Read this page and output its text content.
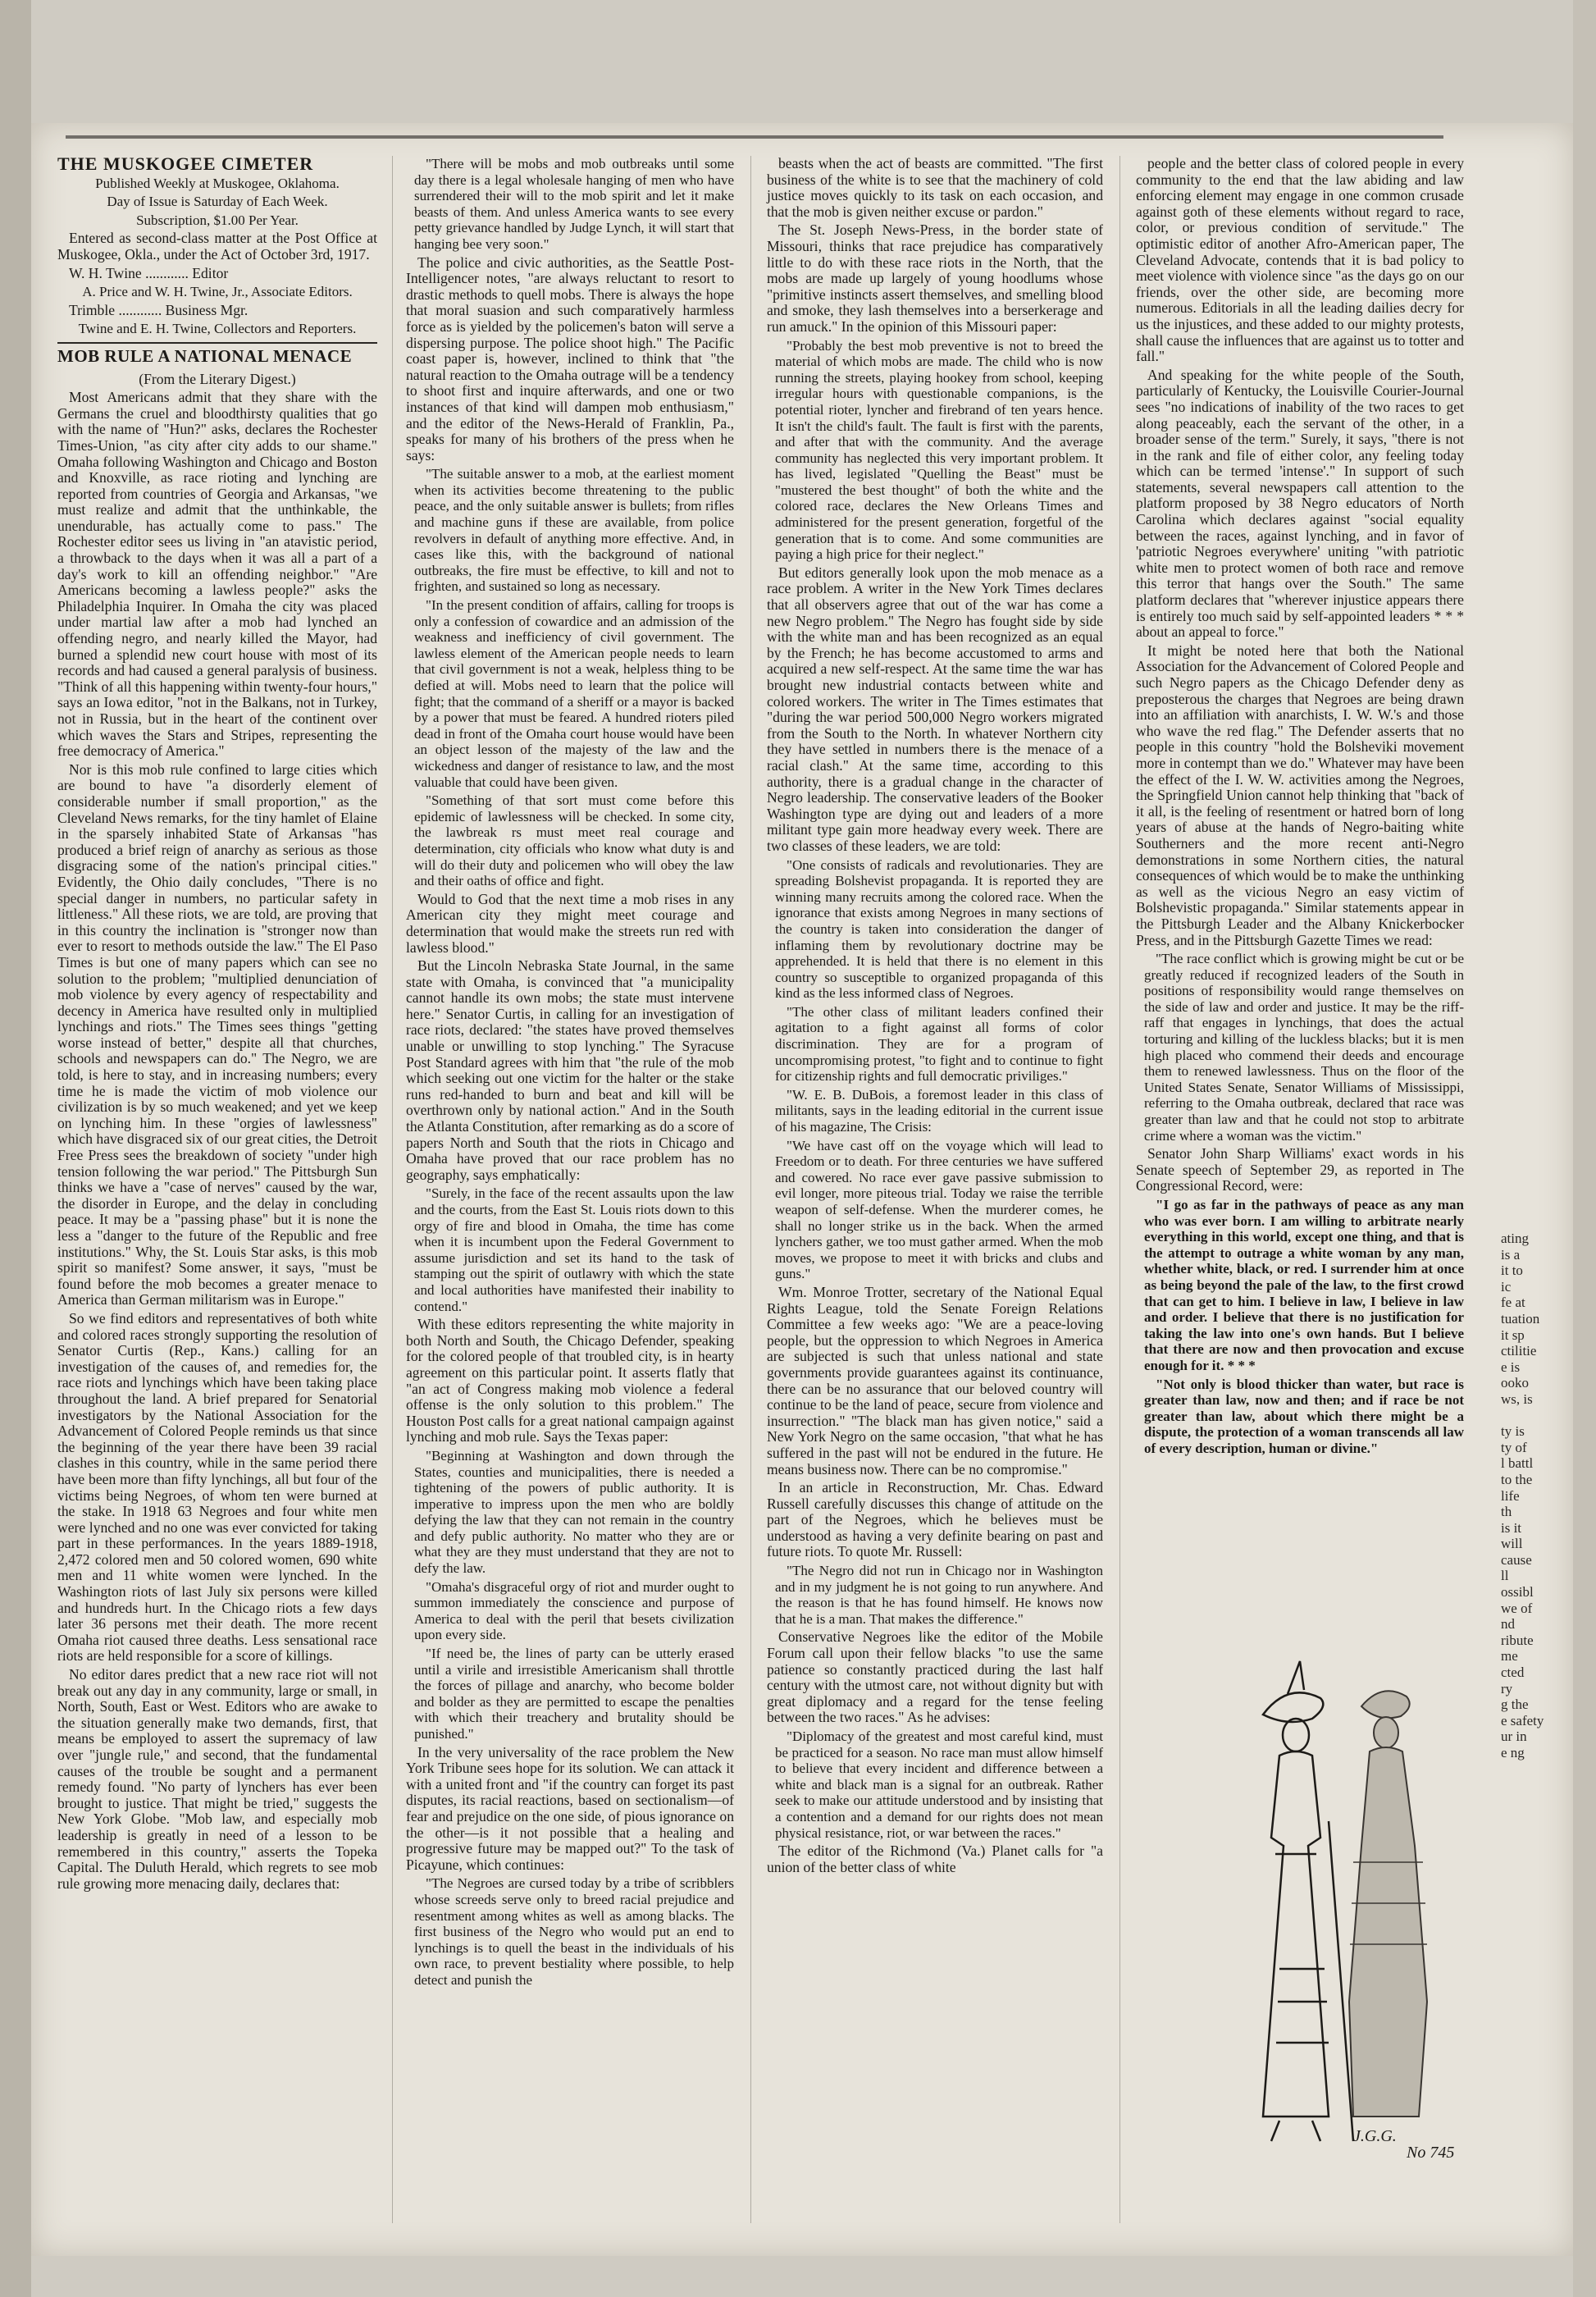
THE MUSKOGEE CIMETER

Published Weekly at Muskogee, Oklahoma.

Day of Issue is Saturday of Each Week.

Subscription, $1.00 Per Year.

Entered as second-class matter at the Post Office at Muskogee, Okla., under the Act of October 3rd, 1917.

W. H. Twine ............ Editor

A. Price and W. H. Twine, Jr., Associate Editors.

Trimble ............ Business Mgr.

Twine and E. H. Twine, Collectors and Reporters.

MOB RULE A NATIONAL MENACE

(From the Literary Digest.)

Most Americans admit that they share with the Germans the cruel and bloodthirsty qualities that go with the name of "Hun?" asks, declares the Rochester Times-Union, "as city after city adds to our shame." Omaha following Washington and Chicago and Boston and Knoxville, as race rioting and lynching are reported from countries of Georgia and Arkansas, "we must realize and admit that the unthinkable, the unendurable, has actually come to pass." The Rochester editor sees us living in "an atavistic period, a throwback to the days when it was all a part of a day's work to kill an offending neighbor." "Are Americans becoming a lawless people?" asks the Philadelphia Inquirer. In Omaha the city was placed under martial law after a mob had lynched an offending negro, and nearly killed the Mayor, had burned a splendid new court house with most of its records and had caused a general paralysis of business. "Think of all this happening within twenty-four hours," says an Iowa editor, "not in the Balkans, not in Turkey, not in Russia, but in the heart of the continent over which waves the Stars and Stripes, representing the free democracy of America."

Nor is this mob rule confined to large cities which are bound to have "a disorderly element of considerable number if small proportion," as the Cleveland News remarks, for the tiny hamlet of Elaine in the sparsely inhabited State of Arkansas "has produced a brief reign of anarchy as serious as those disgracing some of the nation's principal cities." Evidently, the Ohio daily concludes, "There is no special danger in numbers, no particular safety in littleness." All these riots, we are told, are proving that in this country the inclination is "stronger now than ever to resort to methods outside the law." The El Paso Times is but one of many papers which can see no solution to the problem; "multiplied denunciation of mob violence by every agency of respectability and decency in America have resulted only in multiplied lynchings and riots." The Times sees things "getting worse instead of better," despite all that churches, schools and newspapers can do." The Negro, we are told, is here to stay, and in increasing numbers; every time he is made the victim of mob violence our civilization is by so much weakened; and yet we keep on lynching him. In these "orgies of lawlessness" which have disgraced six of our great cities, the Detroit Free Press sees the breakdown of society "under high tension following the war period." The Pittsburgh Sun thinks we have a "case of nerves" caused by the war, the disorder in Europe, and the delay in concluding peace. It may be a "passing phase" but it is none the less a "danger to the future of the Republic and free institutions." Why, the St. Louis Star asks, is this mob spirit so manifest? Some answer, it says, "must be found before the mob becomes a greater menace to America than German militarism was in Europe."

So we find editors and representatives of both white and colored races strongly supporting the resolution of Senator Curtis (Rep., Kans.) calling for an investigation of the causes of, and remedies for, the race riots and lynchings which have been taking place throughout the land. A brief prepared for Senatorial investigators by the National Association for the Advancement of Colored People reminds us that since the beginning of the year there have been 39 racial clashes in this country, while in the same period there have been more than fifty lynchings, all but four of the victims being Negroes, of whom ten were burned at the stake. In 1918 63 Negroes and four white men were lynched and no one was ever convicted for taking part in these performances. In the years 1889-1918, 2,472 colored men and 50 colored women, 690 white men and 11 white women were lynched. In the Washington riots of last July six persons were killed and hundreds hurt. In the Chicago riots a few days later 36 persons met their death. The more recent Omaha riot caused three deaths. Less sensational race riots are held responsible for a score of killings.

No editor dares predict that a new race riot will not break out any day in any community, large or small, in North, South, East or West. Editors who are awake to the situation generally make two demands, first, that means be employed to assert the supremacy of law over "jungle rule," and second, that the fundamental causes of the trouble be sought and a permanent remedy found. "No party of lynchers has ever been brought to justice. That might be tried," suggests the New York Globe. "Mob law, and especially mob leadership is greatly in need of a lesson to be remembered in this country," asserts the Topeka Capital. The Duluth Herald, which regrets to see mob rule growing more menacing daily, declares that:

"There will be mobs and mob outbreaks until some day there is a legal wholesale hanging of men who have surrendered their will to the mob spirit and let it make beasts of them. And unless America wants to see every petty grievance handled by Judge Lynch, it will start that hanging bee very soon."

The police and civic authorities, as the Seattle Post-Intelligencer notes, "are always reluctant to resort to drastic methods to quell mobs. There is always the hope that moral suasion and such comparatively harmless force as is yielded by the policemen's baton will serve a dispersing purpose. The police shoot high." The Pacific coast paper is, however, inclined to think that "the natural reaction to the Omaha outrage will be a tendency to shoot first and inquire afterwards, and one or two instances of that kind will dampen mob enthusiasm," and the editor of the News-Herald of Franklin, Pa., speaks for many of his brothers of the press when he says:

"The suitable answer to a mob, at the earliest moment when its activities become threatening to the public peace, and the only suitable answer is bullets; from rifles and machine guns if these are available, from police revolvers in default of anything more effective. And, in cases like this, with the background of national outbreaks, the fire must be effective, to kill and not to frighten, and sustained so long as necessary.

"In the present condition of affairs, calling for troops is only a confession of cowardice and an admission of the weakness and inefficiency of civil government. The lawless element of the American people needs to learn that civil government is not a weak, helpless thing to be defied at will. Mobs need to learn that the police will fight; that the command of a sheriff or a mayor is backed by a power that must be feared. A hundred rioters piled dead in front of the Omaha court house would have been an object lesson of the majesty of the law and the wickedness and danger of resistance to law, and the most valuable that could have been given.

"Something of that sort must come before this epidemic of lawlessness will be checked. In some city, the lawbreak rs must meet real courage and determination, city officials who know what duty is and will do their duty and policemen who will obey the law and their oaths of office and fight.

Would to God that the next time a mob rises in any American city they might meet courage and determination that would make the streets run red with lawless blood."

But the Lincoln Nebraska State Journal, in the same state with Omaha, is convinced that "a municipality cannot handle its own mobs; the state must intervene here." Senator Curtis, in calling for an investigation of race riots, declared: "the states have proved themselves unable or unwilling to stop lynching." The Syracuse Post Standard agrees with him that "the rule of the mob which seeking out one victim for the halter or the stake runs red-handed to burn and beat and kill will be overthrown only by national action." And in the South the Atlanta Constitution, after remarking as do a score of papers North and South that the riots in Chicago and Omaha have proved that our race problem has no geography, says emphatically:

"Surely, in the face of the recent assaults upon the law and the courts, from the East St. Louis riots down to this orgy of fire and blood in Omaha, the time has come when it is incumbent upon the Federal Government to assume jurisdiction and set its hand to the task of stamping out the spirit of outlawry with which the state and local authorities have manifested their inability to contend."

With these editors representing the white majority in both North and South, the Chicago Defender, speaking for the colored people of that troubled city, is in hearty agreement on this particular point. It asserts flatly that "an act of Congress making mob violence a federal offense is the only solution to this problem." The Houston Post calls for a great national campaign against lynching and mob rule. Says the Texas paper:

"Beginning at Washington and down through the States, counties and municipalities, there is needed a tightening of the powers of public authority. It is imperative to impress upon the men who are boldly defying the law that they can not remain in the country and defy public authority. No matter who they are or what they are they must understand that they are not to defy the law.

"Omaha's disgraceful orgy of riot and murder ought to summon immediately the conscience and purpose of America to deal with the peril that besets civilization upon every side.

"If need be, the lines of party can be utterly erased until a virile and irresistible Americanism shall throttle the forces of pillage and anarchy, who become bolder and bolder as they are permitted to escape the penalties with which their treachery and brutality should be punished."

In the very universality of the race problem the New York Tribune sees hope for its solution. We can attack it with a united front and "if the country can forget its past disputes, its racial reactions, based on sectionalism—of fear and prejudice on the one side, of pious ignorance on the other—is it not possible that a healing and progressive future may be mapped out?" To the task of Picayune, which continues:

"The Negroes are cursed today by a tribe of scribblers whose screeds serve only to breed racial prejudice and resentment among whites as well as among blacks. The first business of the Negro who would put an end to lynchings is to quell the beast in the individuals of his own race, to prevent bestiality where possible, to help detect and punish the

beasts when the act of beasts are committed. "The first business of the white is to see that the machinery of cold justice moves quickly to its task on each occasion, and that the mob is given neither excuse or pardon."

The St. Joseph News-Press, in the border state of Missouri, thinks that race prejudice has comparatively little to do with these race riots in the North, that the mobs are made up largely of young hoodlums whose "primitive instincts assert themselves, and smelling blood and smoke, they lash themselves into a berserkerage and run amuck." In the opinion of this Missouri paper:

"Probably the best mob preventive is not to breed the material of which mobs are made. The child who is now running the streets, playing hookey from school, keeping irregular hours with questionable companions, is the potential rioter, lyncher and firebrand of ten years hence. It isn't the child's fault. The fault is first with the parents, and after that with the community. And the average community has neglected this very important problem. It has lived, legislated "Quelling the Beast" must be "mustered the best thought" of both the white and the colored race, declares the New Orleans Times and administered for the present generation, forgetful of the generation that is to come. And some communities are paying a high price for their neglect."

But editors generally look upon the mob menace as a race problem. A writer in the New York Times declares that all observers agree that out of the war has come a new Negro problem." The Negro has fought side by side with the white man and has been recognized as an equal by the French; he has become accustomed to arms and acquired a new self-respect. At the same time the war has brought new industrial contacts between white and colored workers. The writer in The Times estimates that "during the war period 500,000 Negro workers migrated from the South to the North. In whatever Northern city they have settled in numbers there is the menace of a racial clash." At the same time, according to this authority, there is a gradual change in the character of Negro leadership. The conservative leaders of the Booker Washington type are dying out and leaders of a more militant type gain more headway every week. There are two classes of these leaders, we are told:

"One consists of radicals and revolutionaries. They are spreading Bolshevist propaganda. It is reported they are winning many recruits among the colored race. When the ignorance that exists among Negroes in many sections of the country is taken into consideration the danger of inflaming them by revolutionary doctrine may be apprehended. It is held that there is no element in this country so susceptible to organized propaganda of this kind as the less informed class of Negroes.

"The other class of militant leaders confined their agitation to a fight against all forms of color discrimination. They are for a program of uncompromising protest, "to fight and to continue to fight for citizenship rights and full democratic priviliges."

"W. E. B. DuBois, a foremost leader in this class of militants, says in the leading editorial in the current issue of his magazine, The Crisis:

"We have cast off on the voyage which will lead to Freedom or to death. For three centuries we have suffered and cowered. No race ever gave passive submission to evil longer, more piteous trial. Today we raise the terrible weapon of self-defense. When the murderer comes, he shall no longer strike us in the back. When the armed lynchers gather, we too must gather armed. When the mob moves, we propose to meet it with bricks and clubs and guns."

Wm. Monroe Trotter, secretary of the National Equal Rights League, told the Senate Foreign Relations Committee a few weeks ago: "We are a peace-loving people, but the oppression to which Negroes in America are subjected is such that unless national and state governments provide guarantees against its continuance, there can be no assurance that our beloved country will continue to be the land of peace, secure from violence and insurrection." "The black man has given notice," said a New York Negro on the same occasion, "that what he has suffered in the past will not be endured in the future. He means business now. There can be no compromise."

In an article in Reconstruction, Mr. Chas. Edward Russell carefully discusses this change of attitude on the part of the Negroes, which he believes must be understood as having a very definite bearing on past and future riots. To quote Mr. Russell:

"The Negro did not run in Chicago nor in Washington and in my judgment he is not going to run anywhere. And the reason is that he has found himself. He knows now that he is a man. That makes the difference."

Conservative Negroes like the editor of the Mobile Forum call upon their fellow blacks "to use the same patience so constantly practiced during the last half century with the utmost care, not without dignity but with great diplomacy and a regard for the tense feeling between the two races." As he advises:

"Diplomacy of the greatest and most careful kind, must be practiced for a season. No race man must allow himself to believe that every incident and difference between a white and black man is a signal for an outbreak. Rather seek to make our attitude understood and by insisting that a contention and a demand for our rights does not mean physical resistance, riot, or war between the races."

The editor of the Richmond (Va.) Planet calls for "a union of the better class of white

people and the better class of colored people in every community to the end that the law abiding and law enforcing element may engage in one common crusade against goth of these elements without regard to race, color, or previous condition of servitude." The optimistic editor of another Afro-American paper, The Cleveland Advocate, contends that it is bad policy to meet violence with violence since "as the days go on our friends, over the other side, are becoming more numerous. Editorials in all the leading dailies decry for us the injustices, and these added to our mighty protests, shall cause the influences that are against us to totter and fall."

And speaking for the white people of the South, particularly of Kentucky, the Louisville Courier-Journal sees "no indications of inability of the two races to get along peaceably, each the servant of the other, in a broader sense of the term." Surely, it says, "there is not in the rank and file of either color, any feeling today which can be termed 'intense'." In support of such statements, several newspapers call attention to the platform proposed by 38 Negro educators of North Carolina which declares against "social equality between the races, against lynching, and in favor of 'patriotic Negroes everywhere' uniting "with patriotic white men to protect women of both race and remove this terror that hangs over the South." The same platform declares that "wherever injustice appears there is entirely too much said by self-appointed leaders * * * about an appeal to force."

It might be noted here that both the National Association for the Advancement of Colored People and such Negro papers as the Chicago Defender deny as preposterous the charges that Negroes are being drawn into an affiliation with anarchists, I. W. W.'s and those who wave the red flag." The Defender asserts that no people in this country "hold the Bolsheviki movement more in contempt than we do." Whatever may have been the effect of the I. W. W. activities among the Negroes, the Springfield Union cannot help thinking that "back of it all, is the feeling of resentment or hatred born of long years of abuse at the hands of Negro-baiting white Southerners and the more recent anti-Negro demonstrations in some Northern cities, the natural consequences of which would be to make the unthinking as well as the vicious Negro an easy victim of Bolshevistic propaganda." Similar statements appear in the Pittsburgh Leader and the Albany Knickerbocker Press, and in the Pittsburgh Gazette Times we read:

"The race conflict which is growing might be cut or be greatly reduced if recognized leaders of the South in positions of responsibility would range themselves on the side of law and order and justice. It may be the riff-raff that engages in lynchings, that does the actual torturing and killing of the luckless blacks; but it is men high placed who commend their deeds and encourage them to renewed lawlessness. Thus on the floor of the United States Senate, Senator Williams of Mississippi, referring to the Omaha outbreak, declared that race was greater than law and that he could not stop to arbitrate crime where a woman was the victim."

Senator John Sharp Williams' exact words in his Senate speech of September 29, as reported in The Congressional Record, were:

"I go as far in the pathways of peace as any man who was ever born. I am willing to arbitrate nearly everything in this world, except one thing, and that is the attempt to outrage a white woman by any man, whether white, black, or red. I surrender him at once as being beyond the pale of the law, to the first crowd that can get to him. I believe in law, I believe in law and order. I believe that there is no justification for taking the law into one's own hands. But I believe that there are now and then provocation and excuse enough for it. * * *

"Not only is blood thicker than water, but race is greater than law, now and then; and if race be not greater than law, about which there might be a dispute, the protection of a woman transcends all law of every description, human or divine."

J.G.G.
No 745
ating
is a
it to
ic
fe at
tuation
it sp
ctilitie
e is
ooko
ws, is

ty is
ty of
l battl
to the
life
th
is it
will
cause
ll
ossibl
we of
nd
ribute
me
cted
ry
g the
e safety
ur in
e ng
